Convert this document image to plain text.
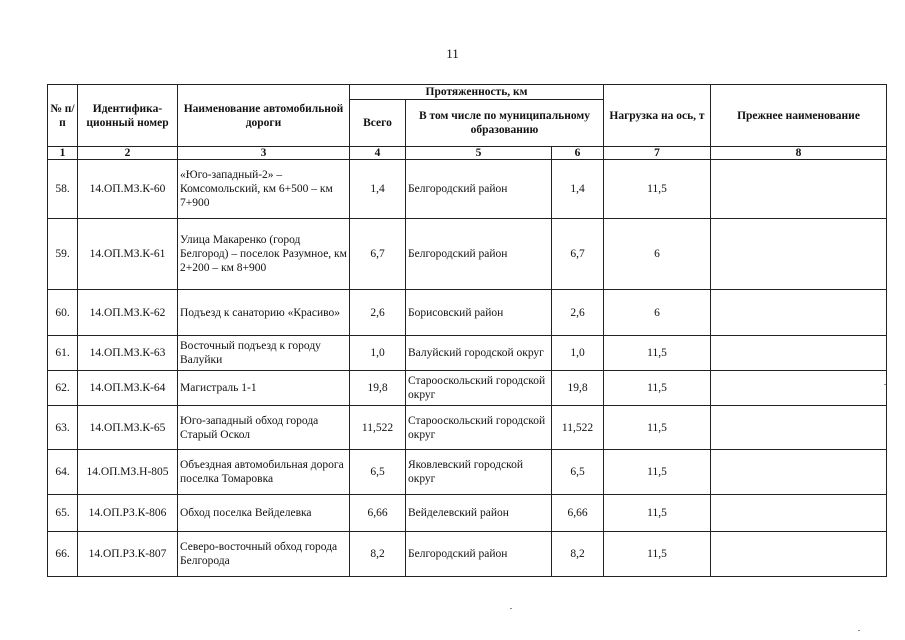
11
№ п/п	Идентифика-ционный номер	Наименование автомобильной дороги	Протяженность, км			Нагрузка на ось, т	Прежнее наименование
			Всего	В том числе по муниципальному образованию			
1	2	3	4	5	6	7	8
58.	14.ОП.МЗ.К-60	«Юго-западный-2» – Комсомольский, км 6+500 – км 7+900	1,4	Белгородский район	1,4	11,5	
59.	14.ОП.МЗ.К-61	Улица Макаренко (город Белгород) – поселок Разумное, км 2+200 – км 8+900	6,7	Белгородский район	6,7	6	
60.	14.ОП.МЗ.К-62	Подъезд к санаторию «Красиво»	2,6	Борисовский район	2,6	6	
61.	14.ОП.МЗ.К-63	Восточный подъезд к городу Валуйки	1,0	Валуйский городской округ	1,0	11,5	
62.	14.ОП.МЗ.К-64	Магистраль 1-1	19,8	Старооскольский городской округ	19,8	11,5	
63.	14.ОП.МЗ.К-65	Юго-западный обход города Старый Оскол	11,522	Старооскольский городской округ	11,522	11,5	
64.	14.ОП.МЗ.Н-805	Объездная автомобильная дорога поселка Томаровка	6,5	Яковлевский городской округ	6,5	11,5	
65.	14.ОП.РЗ.К-806	Обход поселка Вейделевка	6,66	Вейделевский район	6,66	11,5	
66.	14.ОП.РЗ.К-807	Северо-восточный обход города Белгорода	8,2	Белгородский район	8,2	11,5	
